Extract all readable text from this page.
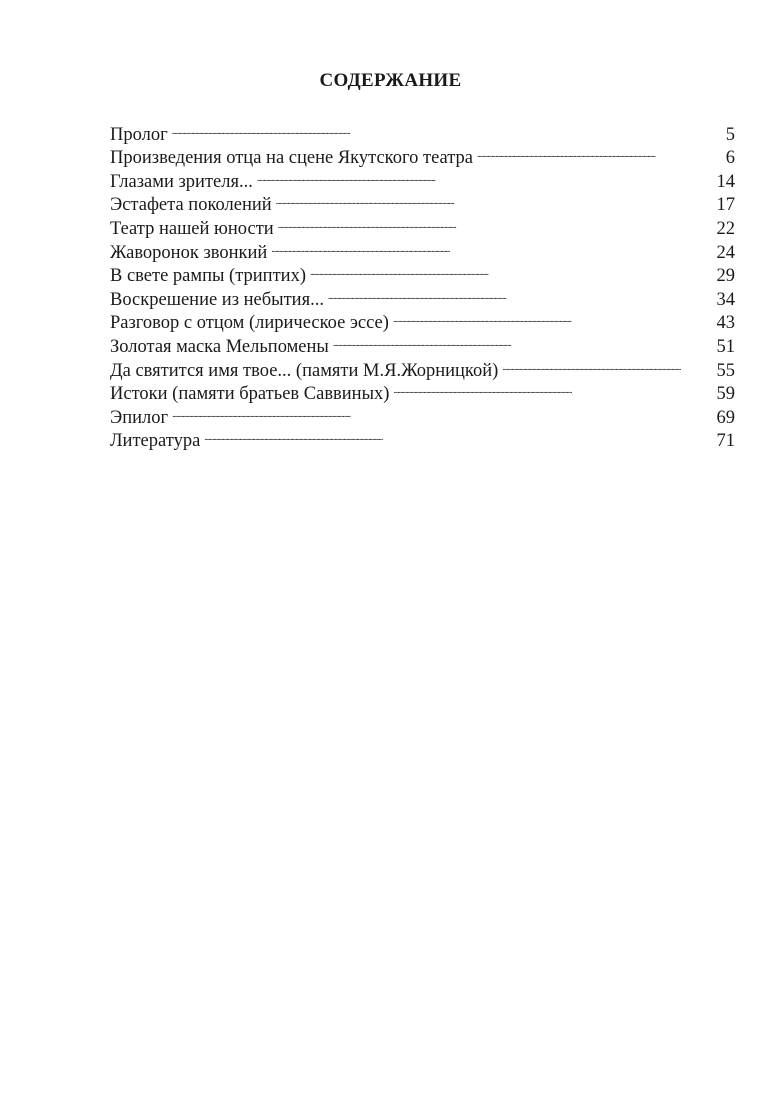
СОДЕРЖАНИЕ
Пролог . . .	5
Произведения отца на сцене Якутского театра . . .	6
Глазами зрителя... . . .	14
Эстафета поколений . . .	17
Театр нашей юности . . .	22
Жаворонок звонкий . . .	24
В свете рампы (триптих) . . .	29
Воскрешение из небытия... . . .	34
Разговор с отцом (лирическое эссе) . . .	43
Золотая маска Мельпомены . . .	51
Да святится имя твое... (памяти М.Я.Жорницкой) . . .	55
Истоки (памяти братьев Саввиных) . . .	59
Эпилог . . .	69
Литература . . .	71
